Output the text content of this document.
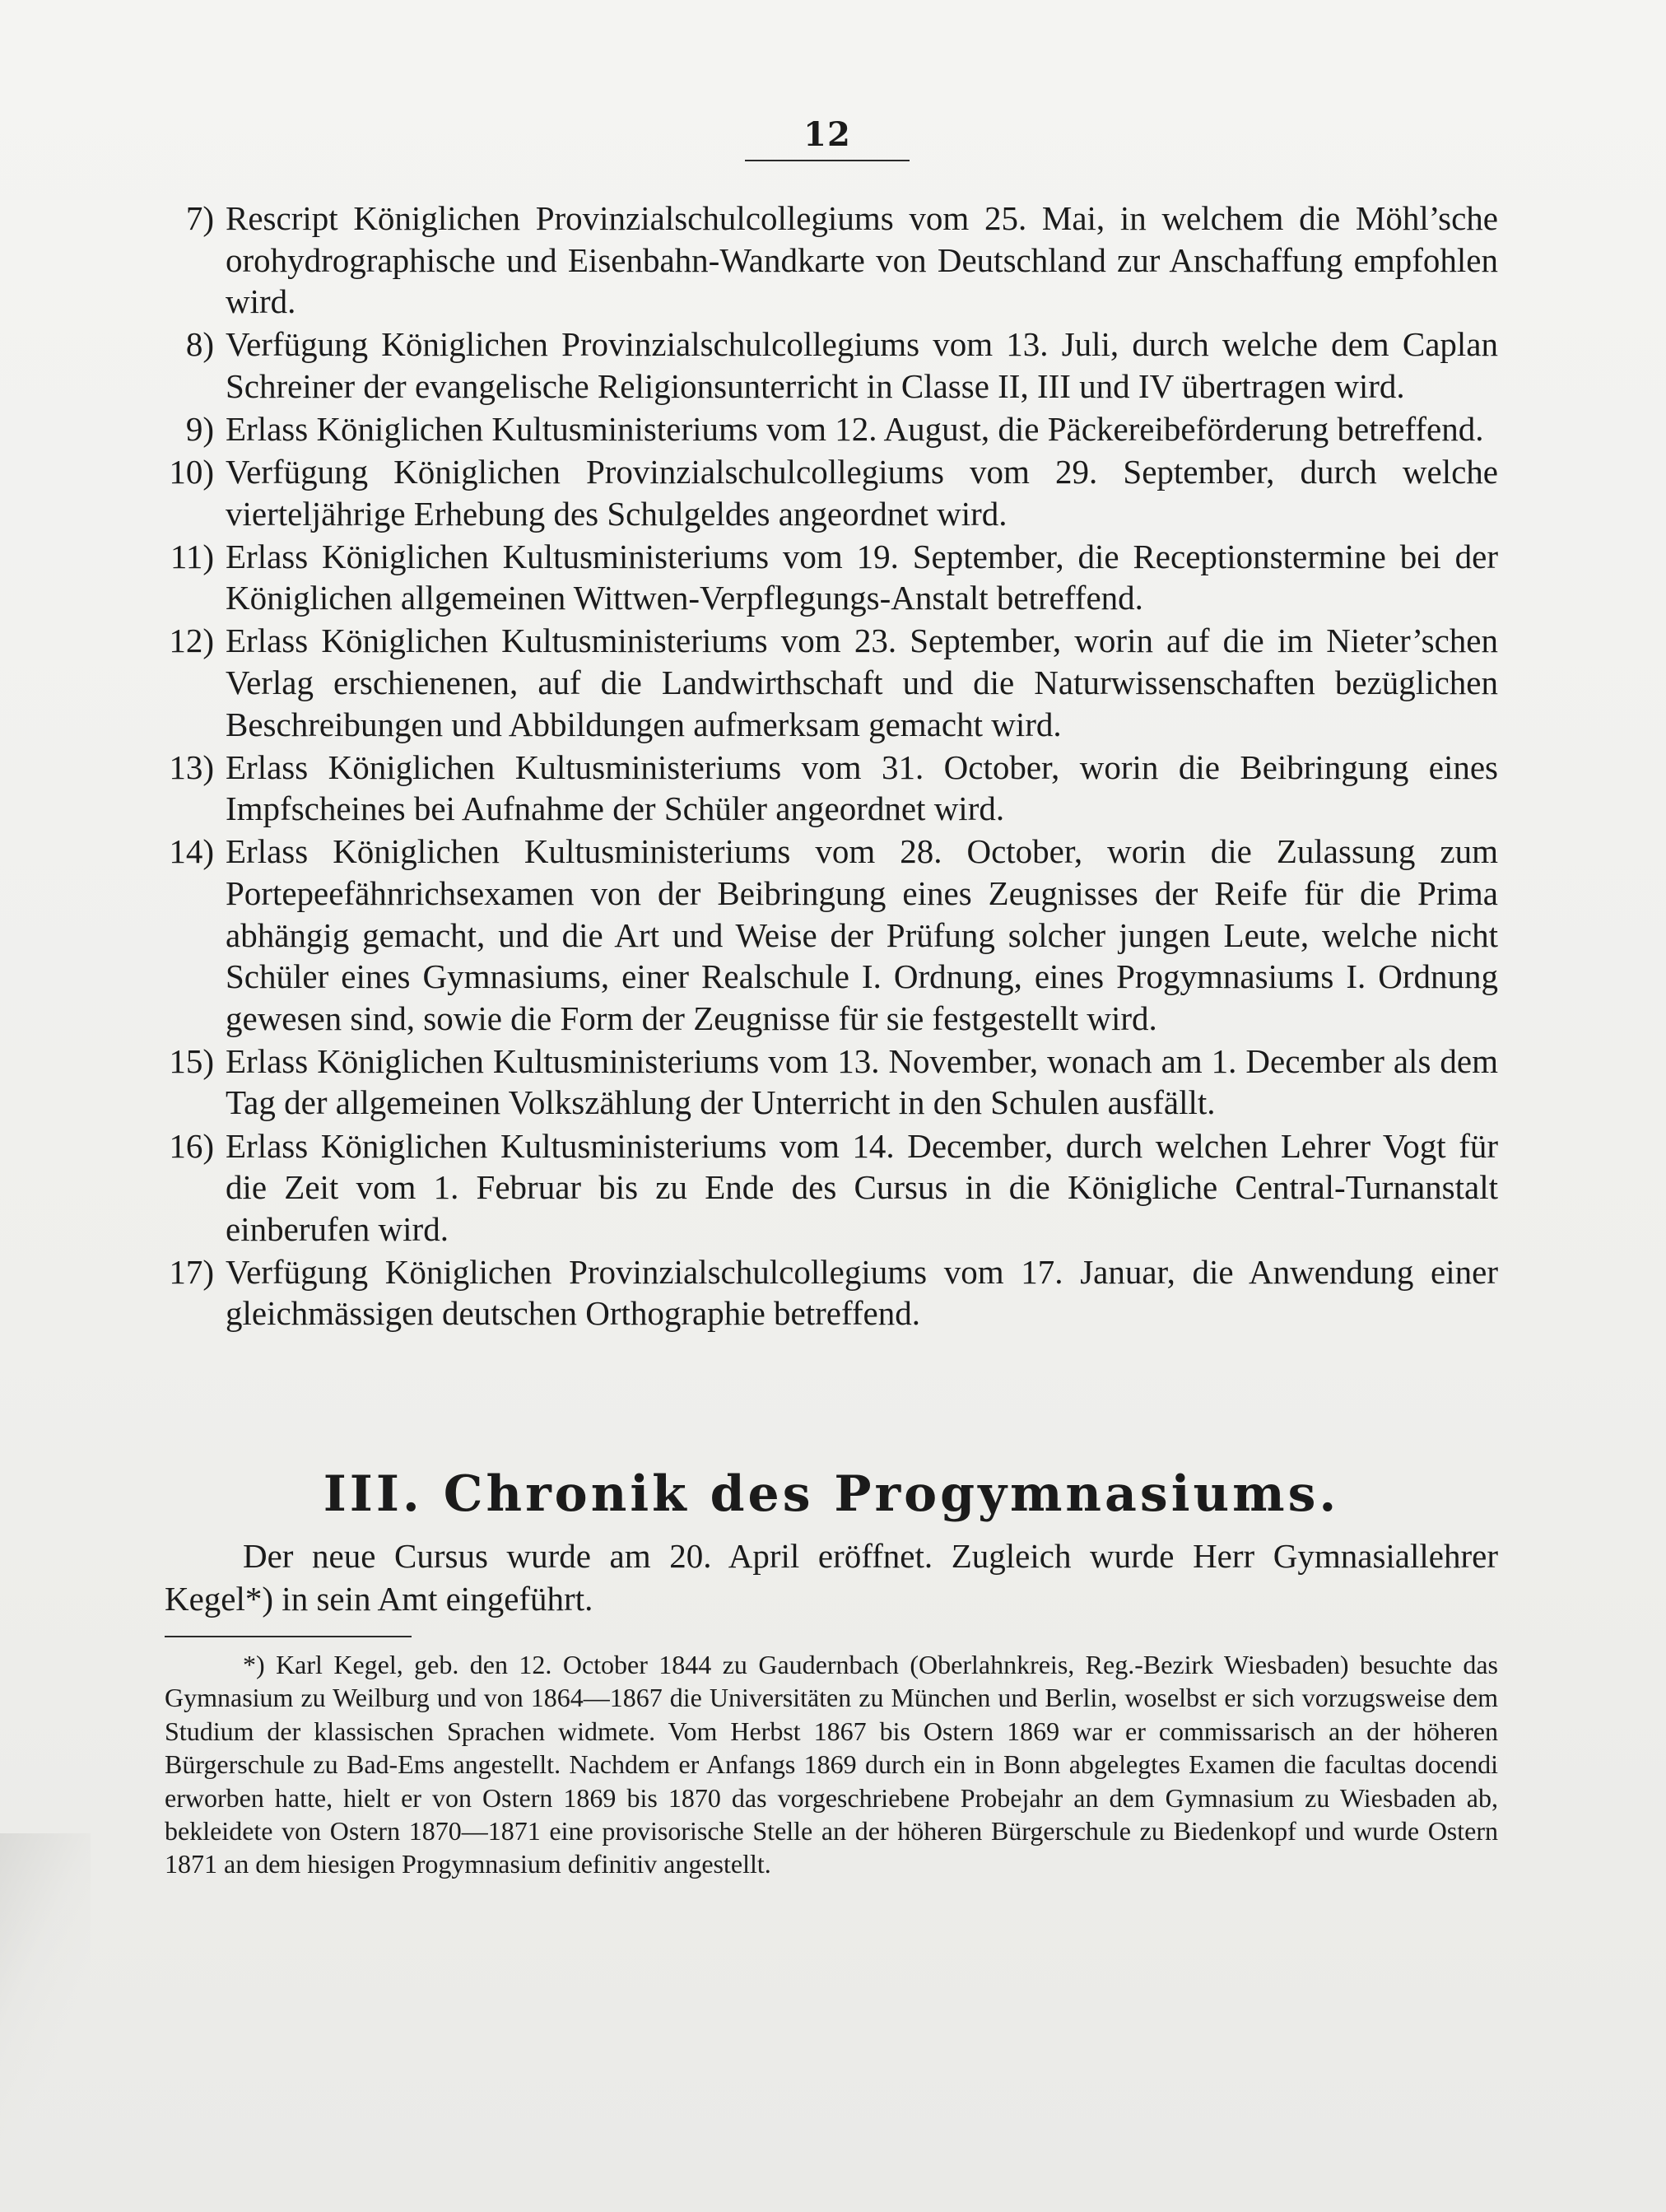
12
7) Rescript Königlichen Provinzialschulcollegiums vom 25. Mai, in welchem die Möhl’sche orohydrographische und Eisenbahn-Wandkarte von Deutschland zur Anschaffung empfohlen wird.
8) Verfügung Königlichen Provinzialschulcollegiums vom 13. Juli, durch welche dem Caplan Schreiner der evangelische Religionsunterricht in Classe II, III und IV übertragen wird.
9) Erlass Königlichen Kultusministeriums vom 12. August, die Päckereibeförderung betreffend.
10) Verfügung Königlichen Provinzialschulcollegiums vom 29. September, durch welche vierteljährige Erhebung des Schulgeldes angeordnet wird.
11) Erlass Königlichen Kultusministeriums vom 19. September, die Receptionstermine bei der Königlichen allgemeinen Wittwen-Verpflegungs-Anstalt betreffend.
12) Erlass Königlichen Kultusministeriums vom 23. September, worin auf die im Nieter’schen Verlag erschienenen, auf die Landwirthschaft und die Naturwissenschaften bezüglichen Beschreibungen und Abbildungen aufmerksam gemacht wird.
13) Erlass Königlichen Kultusministeriums vom 31. October, worin die Beibringung eines Impfscheines bei Aufnahme der Schüler angeordnet wird.
14) Erlass Königlichen Kultusministeriums vom 28. October, worin die Zulassung zum Portepeefähnrichsexamen von der Beibringung eines Zeugnisses der Reife für die Prima abhängig gemacht, und die Art und Weise der Prüfung solcher jungen Leute, welche nicht Schüler eines Gymnasiums, einer Realschule I. Ordnung, eines Progymnasiums I. Ordnung gewesen sind, sowie die Form der Zeugnisse für sie festgestellt wird.
15) Erlass Königlichen Kultusministeriums vom 13. November, wonach am 1. December als dem Tag der allgemeinen Volkszählung der Unterricht in den Schulen ausfällt.
16) Erlass Königlichen Kultusministeriums vom 14. December, durch welchen Lehrer Vogt für die Zeit vom 1. Februar bis zu Ende des Cursus in die Königliche Central-Turnanstalt einberufen wird.
17) Verfügung Königlichen Provinzialschulcollegiums vom 17. Januar, die Anwendung einer gleichmässigen deutschen Orthographie betreffend.
III. Chronik des Progymnasiums.
Der neue Cursus wurde am 20. April eröffnet. Zugleich wurde Herr Gymnasiallehrer Kegel*) in sein Amt eingeführt.
*) Karl Kegel, geb. den 12. October 1844 zu Gaudernbach (Oberlahnkreis, Reg.-Bezirk Wiesbaden) besuchte das Gymnasium zu Weilburg und von 1864—1867 die Universitäten zu München und Berlin, woselbst er sich vorzugsweise dem Studium der klassischen Sprachen widmete. Vom Herbst 1867 bis Ostern 1869 war er commissarisch an der höheren Bürgerschule zu Bad-Ems angestellt. Nachdem er Anfangs 1869 durch ein in Bonn abgelegtes Examen die facultas docendi erworben hatte, hielt er von Ostern 1869 bis 1870 das vorgeschriebene Probejahr an dem Gymnasium zu Wiesbaden ab, bekleidete von Ostern 1870—1871 eine provisorische Stelle an der höheren Bürgerschule zu Biedenkopf und wurde Ostern 1871 an dem hiesigen Progymnasium definitiv angestellt.
